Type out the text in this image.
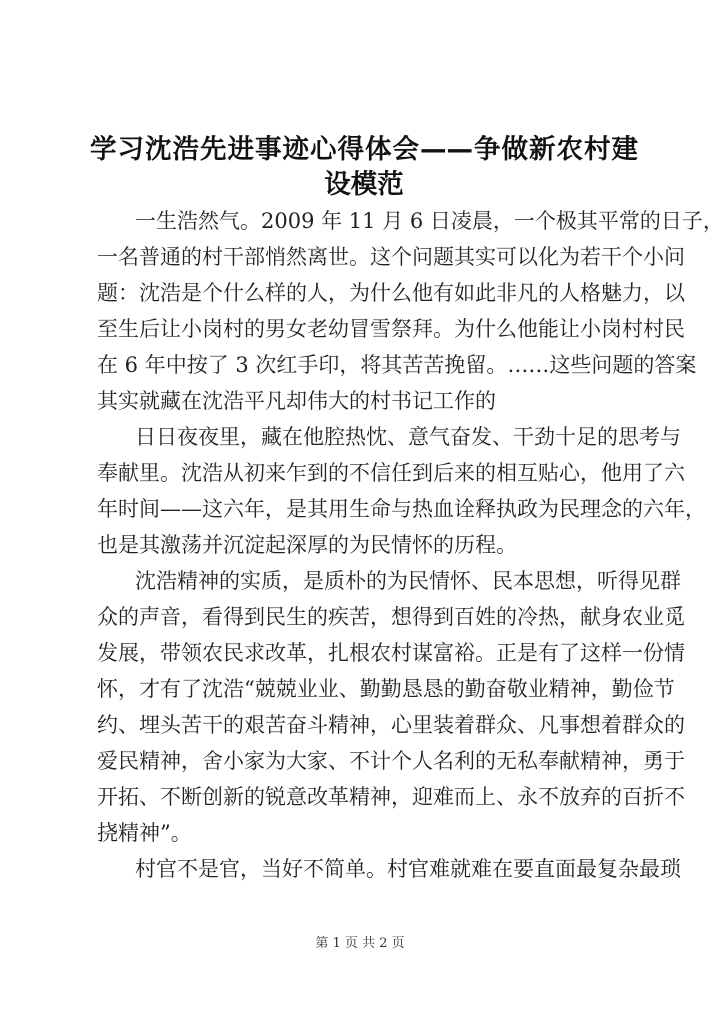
学习沈浩先进事迹心得体会——争做新农村建
设模范
一生浩然气。2009 年 11 月 6 日凌晨，一个极其平常的日子，
一名普通的村干部悄然离世。这个问题其实可以化为若干个小问
题：沈浩是个什么样的人，为什么他有如此非凡的人格魅力，以
至生后让小岗村的男女老幼冒雪祭拜。为什么他能让小岗村村民
在 6 年中按了 3 次红手印，将其苦苦挽留。……这些问题的答案
其实就藏在沈浩平凡却伟大的村书记工作的
日日夜夜里，藏在他腔热忱、意气奋发、干劲十足的思考与
奉献里。沈浩从初来乍到的不信任到后来的相互贴心，他用了六
年时间——这六年，是其用生命与热血诠释执政为民理念的六年，
也是其激荡并沉淀起深厚的为民情怀的历程。
沈浩精神的实质，是质朴的为民情怀、民本思想，听得见群
众的声音，看得到民生的疾苦，想得到百姓的冷热，献身农业觅
发展，带领农民求改革，扎根农村谋富裕。正是有了这样一份情
怀，才有了沈浩“兢兢业业、勤勤恳恳的勤奋敬业精神，勤俭节
约、埋头苦干的艰苦奋斗精神，心里装着群众、凡事想着群众的
爱民精神，舍小家为大家、不计个人名利的无私奉献精神，勇于
开拓、不断创新的锐意改革精神，迎难而上、永不放弃的百折不
挠精神”。
村官不是官，当好不简单。村官难就难在要直面最复杂最琐
第 1 页 共 2 页
